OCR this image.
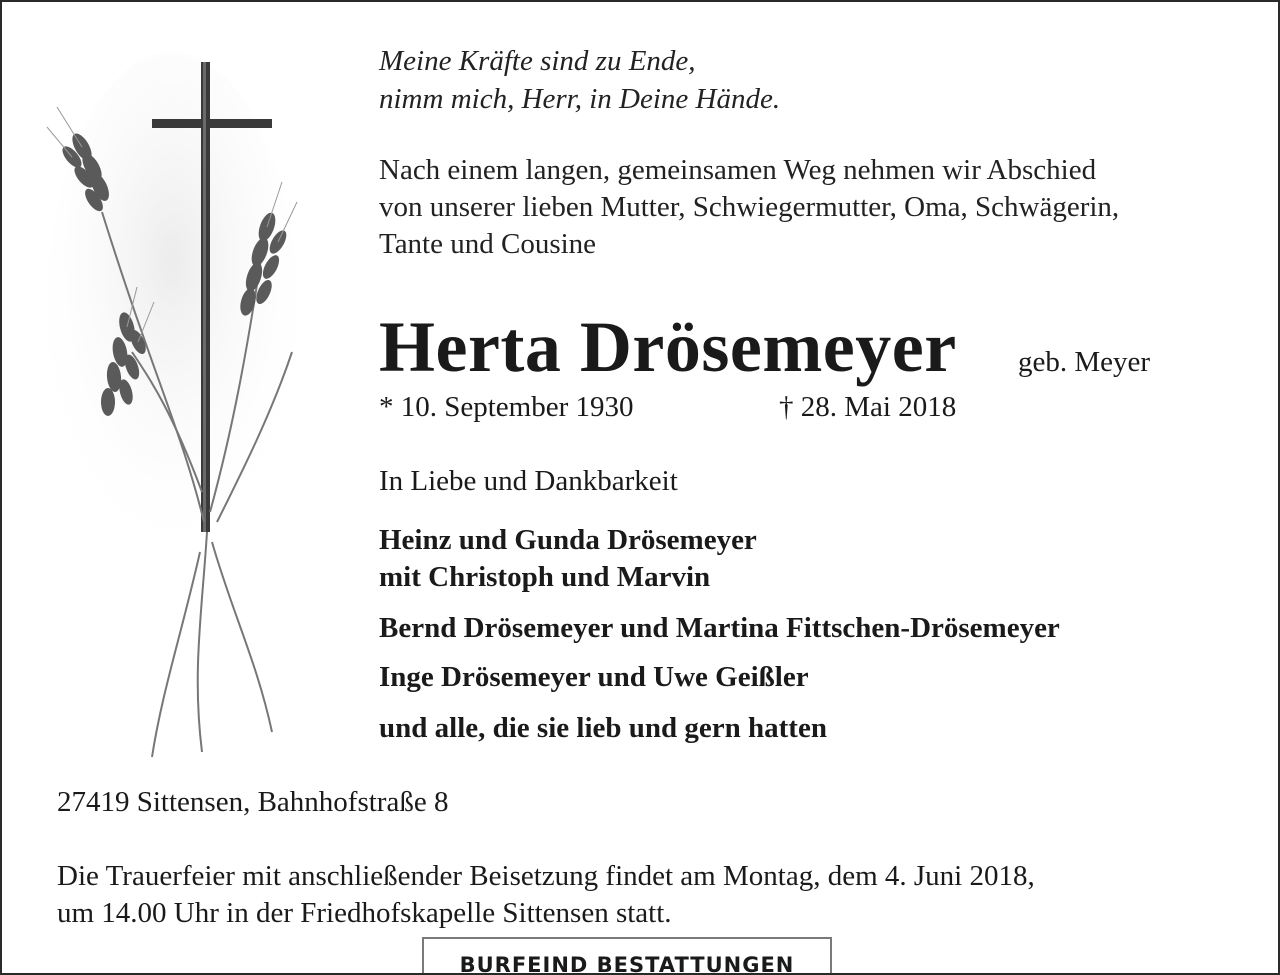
Meine Kräfte sind zu Ende,
nimm mich, Herr, in Deine Hände.
Nach einem langen, gemeinsamen Weg nehmen wir Abschied
von unserer lieben Mutter, Schwiegermutter, Oma, Schwägerin,
Tante und Cousine
Herta Drösemeyer geb. Meyer
* 10. September 1930	† 28. Mai 2018
In Liebe und Dankbarkeit
Heinz und Gunda Drösemeyer
mit Christoph und Marvin
Bernd Drösemeyer und Martina Fittschen-Drösemeyer
Inge Drösemeyer und Uwe Geißler
und alle, die sie lieb und gern hatten
27419 Sittensen, Bahnhofstraße 8
Die Trauerfeier mit anschließender Beisetzung findet am Montag, dem 4. Juni 2018,
um 14.00 Uhr in der Friedhofskapelle Sittensen statt.
BURFEIND BESTATTUNGEN
